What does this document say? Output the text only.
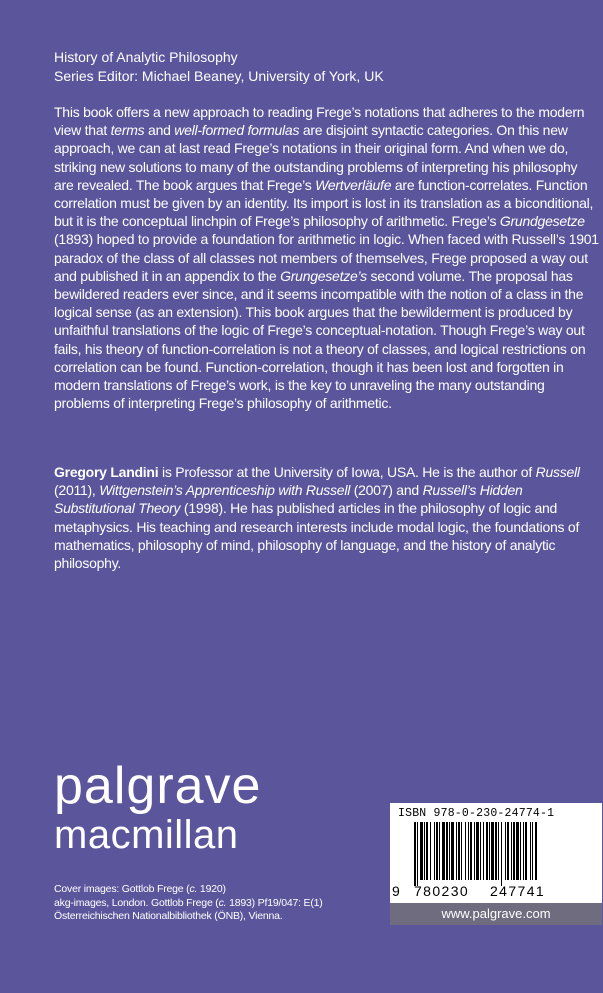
History of Analytic Philosophy
Series Editor: Michael Beaney, University of York, UK
This book offers a new approach to reading Frege’s notations that adheres to the modern view that terms and well-formed formulas are disjoint syntactic categories. On this new approach, we can at last read Frege’s notations in their original form. And when we do, striking new solutions to many of the outstanding problems of interpreting his philosophy are revealed. The book argues that Frege’s Wertverläufe are function-correlates. Function correlation must be given by an identity. Its import is lost in its translation as a biconditional, but it is the conceptual linchpin of Frege’s philosophy of arithmetic. Frege’s Grundgesetze (1893) hoped to provide a foundation for arithmetic in logic. When faced with Russell’s 1901 paradox of the class of all classes not members of themselves, Frege proposed a way out and published it in an appendix to the Grungesetze’s second volume. The proposal has bewildered readers ever since, and it seems incompatible with the notion of a class in the logical sense (as an extension). This book argues that the bewilderment is produced by unfaithful translations of the logic of Frege’s conceptual-notation. Though Frege’s way out fails, his theory of function-correlation is not a theory of classes, and logical restrictions on correlation can be found. Function-correlation, though it has been lost and forgotten in modern translations of Frege’s work, is the key to unraveling the many outstanding problems of interpreting Frege’s philosophy of arithmetic.
Gregory Landini is Professor at the University of Iowa, USA. He is the author of Russell (2011), Wittgenstein’s Apprenticeship with Russell (2007) and Russell’s Hidden Substitutional Theory (1998). He has published articles in the philosophy of logic and metaphysics. His teaching and research interests include modal logic, the foundations of mathematics, philosophy of mind, philosophy of language, and the history of analytic philosophy.
palgrave
macmillan
Cover images: Gottlob Frege (c. 1920)
akg-images, London. Gottlob Frege (c. 1893) Pf19/047: E(1)
Österreichischen Nationalbibliothek (ÖNB), Vienna.
ISBN 978-0-230-24774-1
9 780230 247741
www.palgrave.com
